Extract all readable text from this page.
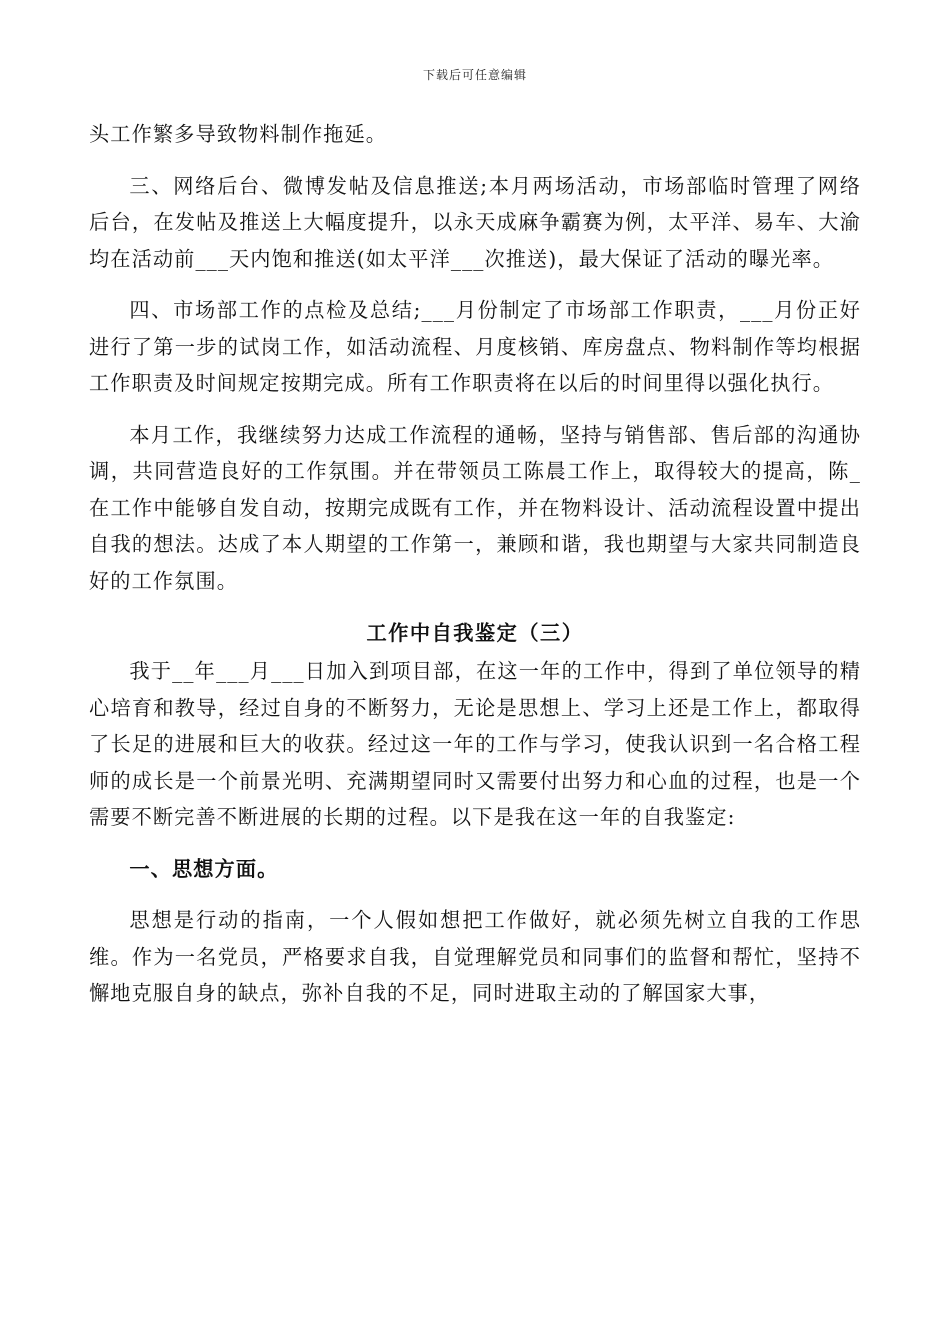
下载后可任意编辑

头工作繁多导致物料制作拖延。

三、网络后台、微博发帖及信息推送;本月两场活动，市场部临时管理了网络后台，在发帖及推送上大幅度提升，以永天成麻争霸赛为例，太平洋、易车、大渝均在活动前___天内饱和推送(如太平洋___次推送)，最大保证了活动的曝光率。

四、市场部工作的点检及总结;___月份制定了市场部工作职责，___月份正好进行了第一步的试岗工作，如活动流程、月度核销、库房盘点、物料制作等均根据工作职责及时间规定按期完成。所有工作职责将在以后的时间里得以强化执行。

本月工作，我继续努力达成工作流程的通畅，坚持与销售部、售后部的沟通协调，共同营造良好的工作氛围。并在带领员工陈晨工作上，取得较大的提高，陈_在工作中能够自发自动，按期完成既有工作，并在物料设计、活动流程设置中提出自我的想法。达成了本人期望的工作第一，兼顾和谐，我也期望与大家共同制造良好的工作氛围。

工作中自我鉴定（三）

我于__年___月___日加入到项目部，在这一年的工作中，得到了单位领导的精心培育和教导，经过自身的不断努力，无论是思想上、学习上还是工作上，都取得了长足的进展和巨大的收获。经过这一年的工作与学习，使我认识到一名合格工程师的成长是一个前景光明、充满期望同时又需要付出努力和心血的过程，也是一个需要不断完善不断进展的长期的过程。以下是我在这一年的自我鉴定:

一、思想方面。

思想是行动的指南，一个人假如想把工作做好，就必须先树立自我的工作思维。作为一名党员，严格要求自我，自觉理解党员和同事们的监督和帮忙，坚持不懈地克服自身的缺点，弥补自我的不足，同时进取主动的了解国家大事，
